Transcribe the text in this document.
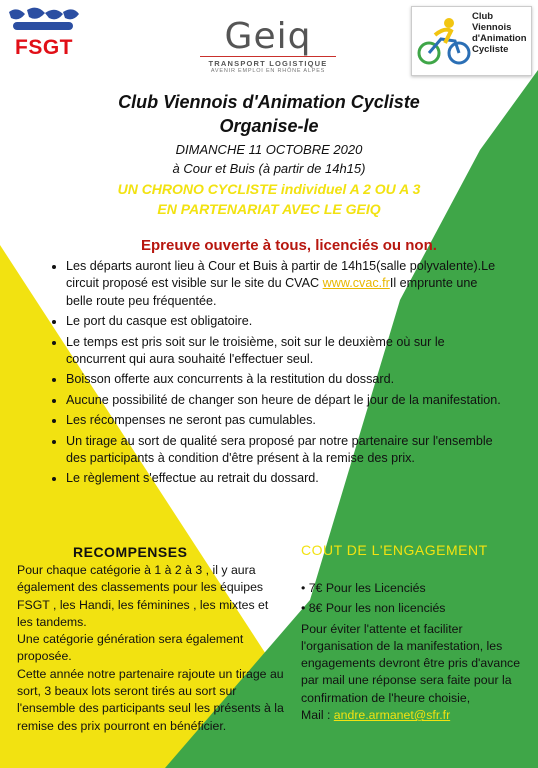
FSGT	Geiq
TRANSPORT LOGISTIQUE
AVENIR EMPLOI EN RHÔNE ALPES
Club
Viennois
d'Animation
Cycliste
Club Viennois d'Animation Cycliste
Organise-le
DIMANCHE 11 OCTOBRE 2020
à Cour et Buis (à partir de 14h15)
UN CHRONO CYCLISTE individuel A 2 OU A 3
EN PARTENARIAT AVEC LE GEIQ
Epreuve ouverte à tous, licenciés ou non.
• Les départs auront lieu à Cour et Buis à partir de 14h15(salle polyvalente).Le circuit proposé est visible sur le site du CVAC www.cvac.frIl emprunte une belle route peu fréquentée.
• Le port du casque est obligatoire.
• Le temps est pris soit sur le troisième, soit sur le deuxième où sur le concurrent qui aura souhaité l'effectuer seul.
• Boisson offerte aux concurrents à la restitution du dossard.
• Aucune possibilité de changer son heure de départ le jour de la manifestation.
• Les récompenses ne seront pas cumulables.
• Un tirage au sort de qualité sera proposé par notre partenaire sur l'ensemble des participants à condition d'être présent à la remise des prix.
• Le règlement s'effectue au retrait du dossard.
RECOMPENSES

Pour chaque catégorie à 1 à 2 à 3 , il y aura également des classements pour les équipes FSGT , les Handi, les féminines , les mixtes et les tandems.

Une catégorie génération sera également proposée.

Cette année notre partenaire rajoute un tirage au sort, 3 beaux lots seront tirés au sort sur l'ensemble des participants seul les présents à la remise des prix pourront en bénéficier.

COUT DE L'ENGAGEMENT
• 7€ Pour les Licenciés
• 8€ Pour les non licenciés

Pour éviter l'attente et faciliter l'organisation de la manifestation, les engagements devront être pris d'avance par mail une réponse sera faite pour la confirmation de l'heure choisie,

Mail : andre.armanet@sfr.fr
